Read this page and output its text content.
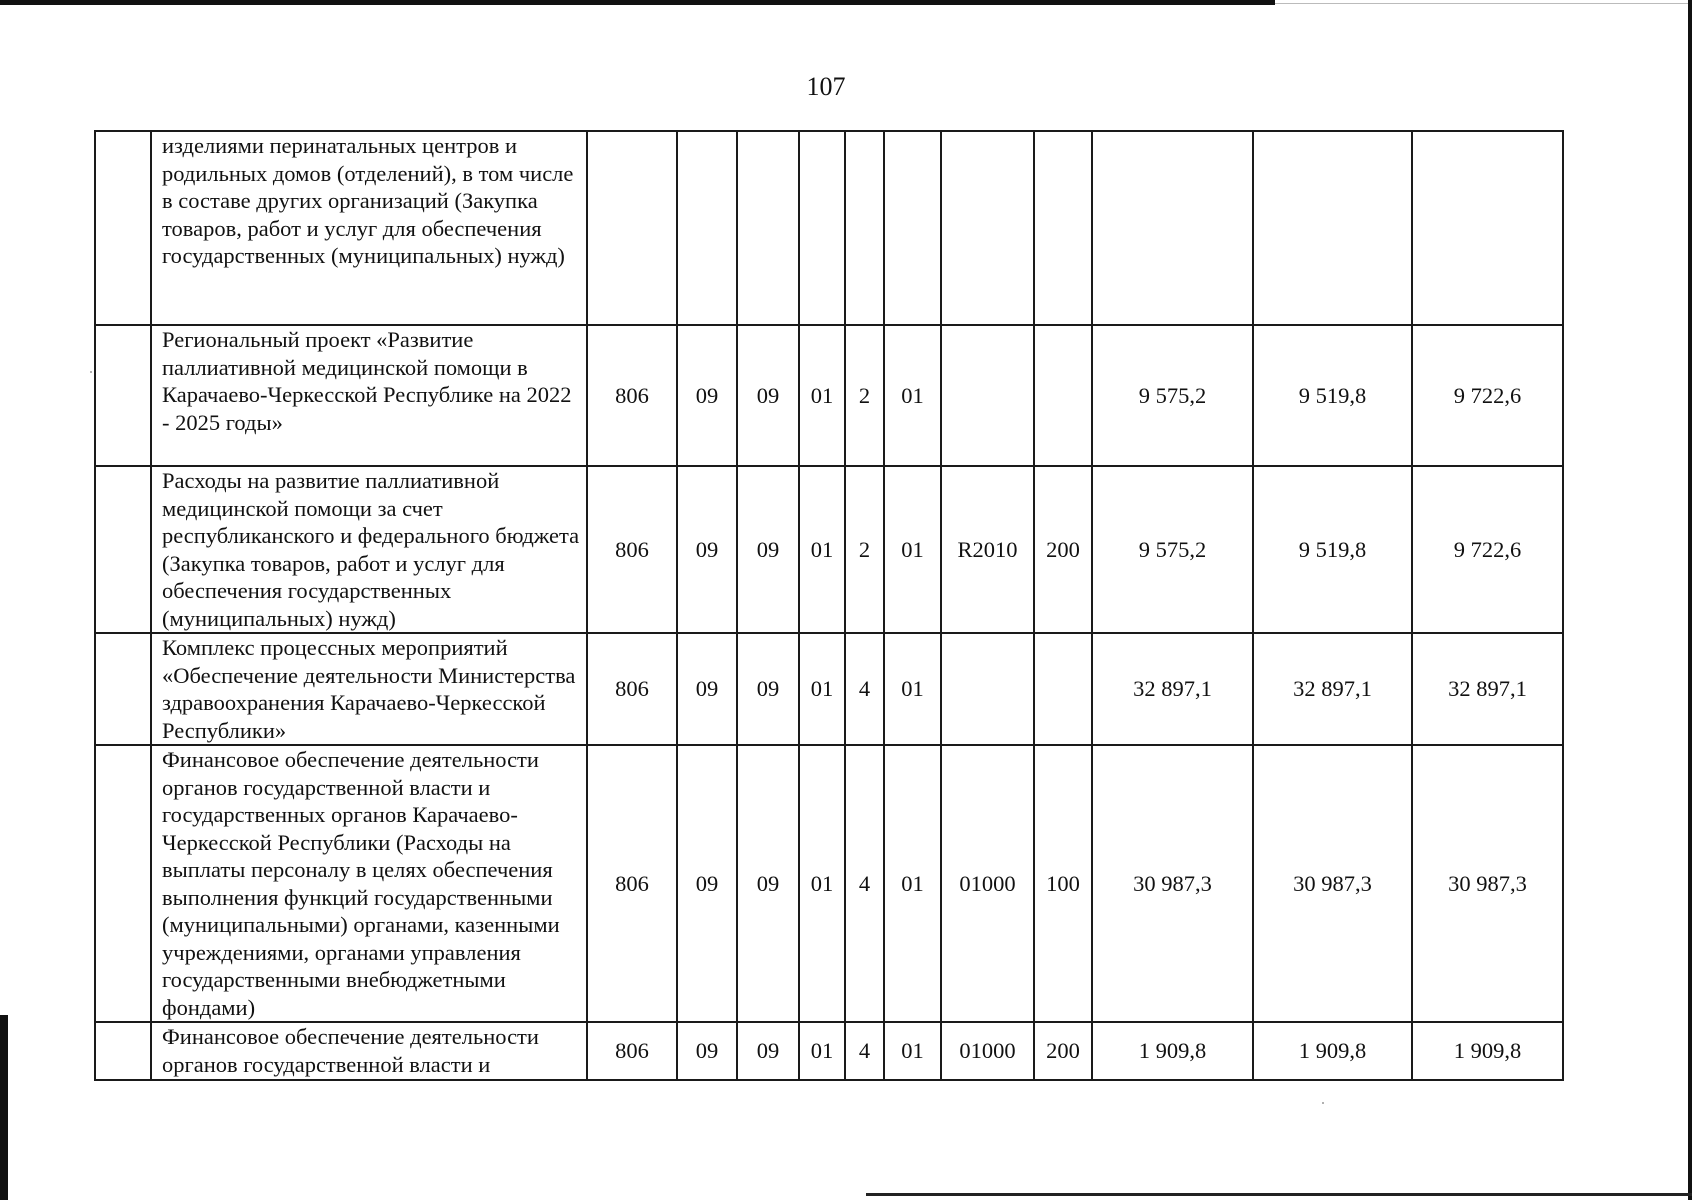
107
	изделиями перинатальных центров и родильных домов (отделений), в том числе в составе других организаций (Закупка товаров, работ и услуг для обеспечения государственных (муниципальных) нужд)											
	Региональный проект «Развитие паллиативной медицинской помощи в Карачаево-Черкесской Республике на 2022 - 2025 годы»	806	09	09	01	2	01			9 575,2	9 519,8	9 722,6
	Расходы на развитие паллиативной медицинской помощи за счет республиканского и федерального бюджета (Закупка товаров, работ и услуг для обеспечения государственных (муниципальных) нужд)	806	09	09	01	2	01	R2010	200	9 575,2	9 519,8	9 722,6
	Комплекс процессных мероприятий «Обеспечение деятельности Министерства здравоохранения Карачаево-Черкесской Республики»	806	09	09	01	4	01			32 897,1	32 897,1	32 897,1
	Финансовое обеспечение деятельности органов государственной власти и государственных органов Карачаево-Черкесской Республики (Расходы на выплаты персоналу в целях обеспечения выполнения функций государственными (муниципальными) органами, казенными учреждениями, органами управления государственными внебюджетными фондами)	806	09	09	01	4	01	01000	100	30 987,3	30 987,3	30 987,3
	Финансовое обеспечение деятельности органов государственной власти и	806	09	09	01	4	01	01000	200	1 909,8	1 909,8	1 909,8
